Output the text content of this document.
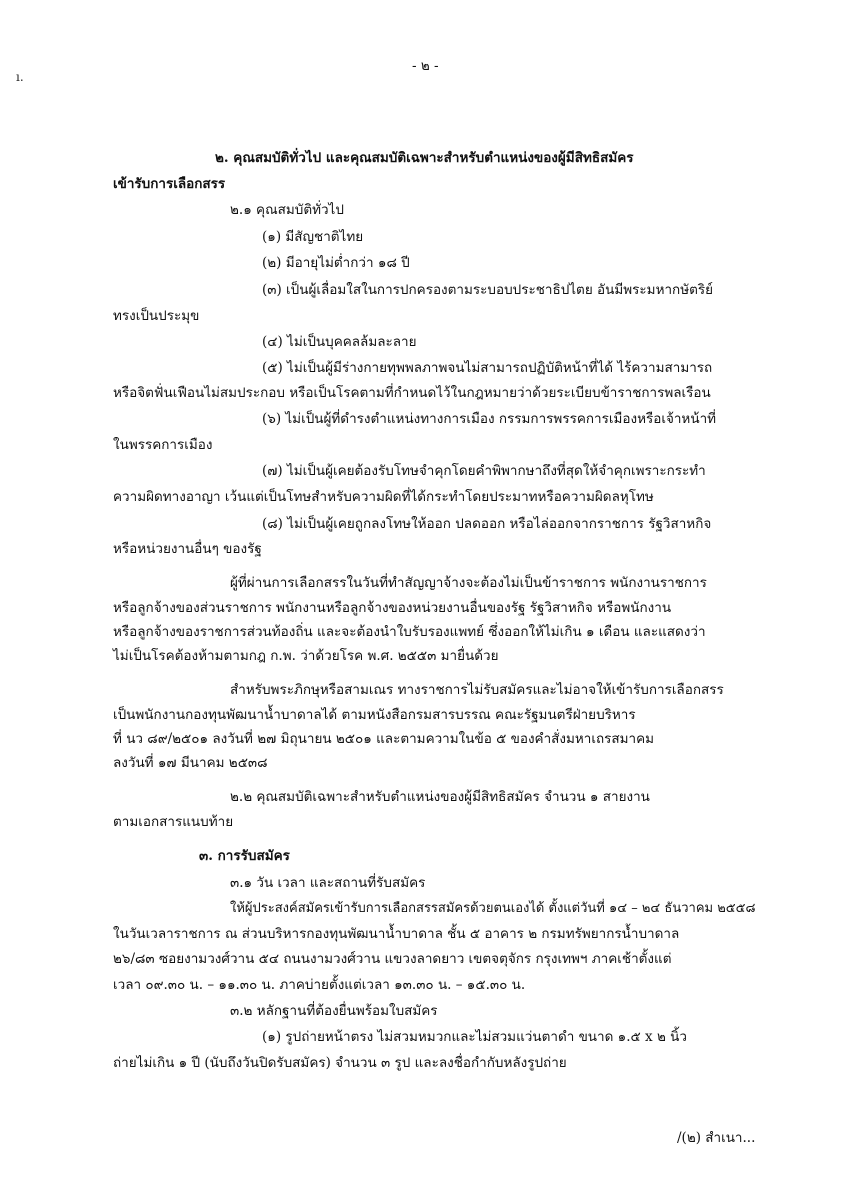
ı.

- ๒ -

๒. คุณสมบัติทั่วไป และคุณสมบัติเฉพาะสำหรับตำแหน่งของผู้มีสิทธิสมัคร

เข้ารับการเลือกสรร

๒.๑ คุณสมบัติทั่วไป

(๑) มีสัญชาติไทย

(๒) มีอายุไม่ต่ำกว่า ๑๘ ปี

(๓) เป็นผู้เลื่อมใสในการปกครองตามระบอบประชาธิปไตย อันมีพระมหากษัตริย์

ทรงเป็นประมุข

(๔) ไม่เป็นบุคคลล้มละลาย

(๕) ไม่เป็นผู้มีร่างกายทุพพลภาพจนไม่สามารถปฏิบัติหน้าที่ได้ ไร้ความสามารถ

หรือจิตฟั่นเฟือนไม่สมประกอบ หรือเป็นโรคตามที่กำหนดไว้ในกฎหมายว่าด้วยระเบียบข้าราชการพลเรือน

(๖) ไม่เป็นผู้ที่ดำรงตำแหน่งทางการเมือง กรรมการพรรคการเมืองหรือเจ้าหน้าที่

ในพรรคการเมือง

(๗) ไม่เป็นผู้เคยต้องรับโทษจำคุกโดยคำพิพากษาถึงที่สุดให้จำคุกเพราะกระทำ

ความผิดทางอาญา เว้นแต่เป็นโทษสำหรับความผิดที่ได้กระทำโดยประมาทหรือความผิดลหุโทษ

(๘) ไม่เป็นผู้เคยถูกลงโทษให้ออก ปลดออก หรือไล่ออกจากราชการ รัฐวิสาหกิจ

หรือหน่วยงานอื่นๆ ของรัฐ

ผู้ที่ผ่านการเลือกสรรในวันที่ทำสัญญาจ้างจะต้องไม่เป็นข้าราชการ พนักงานราชการ

หรือลูกจ้างของส่วนราชการ พนักงานหรือลูกจ้างของหน่วยงานอื่นของรัฐ รัฐวิสาหกิจ หรือพนักงาน

หรือลูกจ้างของราชการส่วนท้องถิ่น และจะต้องนำใบรับรองแพทย์ ซึ่งออกให้ไม่เกิน ๑ เดือน และแสดงว่า

ไม่เป็นโรคต้องห้ามตามกฎ ก.พ. ว่าด้วยโรค พ.ศ. ๒๕๕๓ มายื่นด้วย

สำหรับพระภิกษุหรือสามเณร ทางราชการไม่รับสมัครและไม่อาจให้เข้ารับการเลือกสรร

เป็นพนักงานกองทุนพัฒนาน้ำบาดาลได้ ตามหนังสือกรมสารบรรณ คณะรัฐมนตรีฝ่ายบริหาร

ที่ นว ๘๙/๒๕๐๑ ลงวันที่ ๒๗ มิถุนายน ๒๕๐๑ และตามความในข้อ ๕ ของคำสั่งมหาเถรสมาคม

ลงวันที่ ๑๗ มีนาคม ๒๕๓๘

๒.๒ คุณสมบัติเฉพาะสำหรับตำแหน่งของผู้มีสิทธิสมัคร จำนวน ๑ สายงาน

ตามเอกสารแนบท้าย

๓. การรับสมัคร

๓.๑ วัน เวลา และสถานที่รับสมัคร

ให้ผู้ประสงค์สมัครเข้ารับการเลือกสรรสมัครด้วยตนเองได้ ตั้งแต่วันที่ ๑๔ – ๒๔ ธันวาคม ๒๕๕๘

ในวันเวลาราชการ ณ ส่วนบริหารกองทุนพัฒนาน้ำบาดาล ชั้น ๕ อาคาร ๒ กรมทรัพยากรน้ำบาดาล

๒๖/๘๓ ซอยงามวงศ์วาน ๕๔ ถนนงามวงศ์วาน แขวงลาดยาว เขตจตุจักร กรุงเทพฯ ภาคเช้าตั้งแต่

เวลา ๐๙.๓๐ น. – ๑๑.๓๐ น. ภาคบ่ายตั้งแต่เวลา ๑๓.๓๐ น. – ๑๕.๓๐ น.

๓.๒ หลักฐานที่ต้องยื่นพร้อมใบสมัคร

(๑) รูปถ่ายหน้าตรง ไม่สวมหมวกและไม่สวมแว่นตาดำ ขนาด ๑.๕ x ๒ นิ้ว

ถ่ายไม่เกิน ๑ ปี (นับถึงวันปิดรับสมัคร) จำนวน ๓ รูป และลงชื่อกำกับหลังรูปถ่าย

/(๒) สำเนา...
